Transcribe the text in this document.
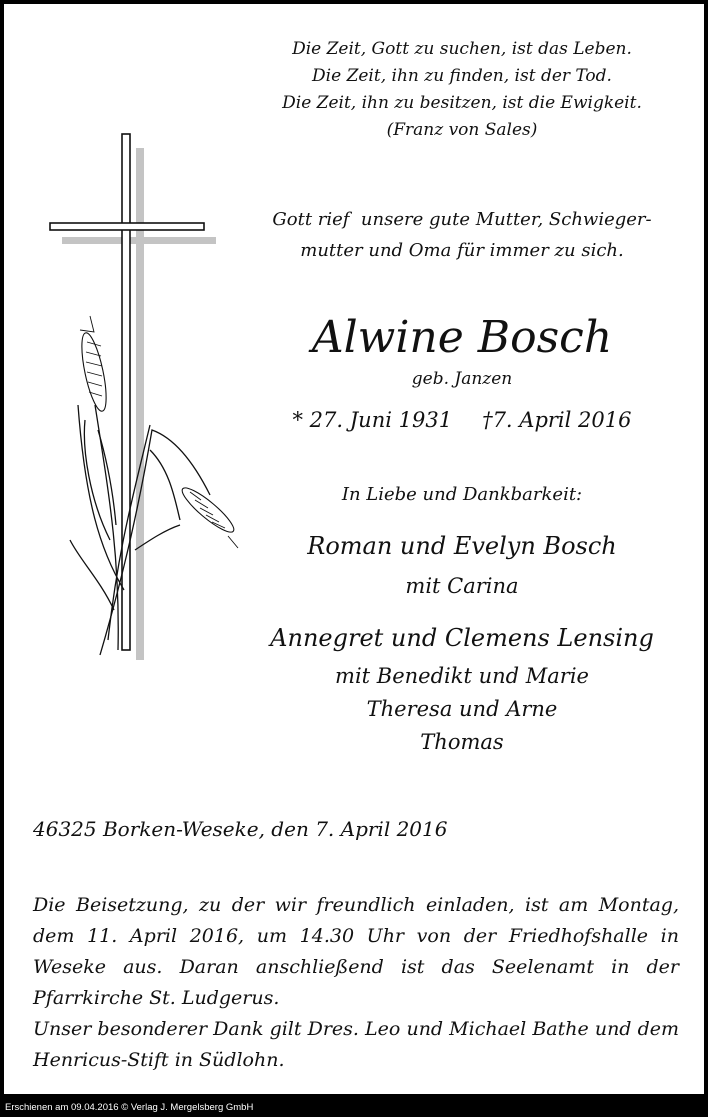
Die Zeit, Gott zu suchen, ist das Leben.
Die Zeit, ihn zu finden, ist der Tod.
Die Zeit, ihn zu besitzen, ist die Ewigkeit.
(Franz von Sales)
Gott rief  unsere gute Mutter, Schwieger-
mutter und Oma für immer zu sich.
Alwine Bosch
geb. Janzen
* 27. Juni 1931 †7. April 2016
In Liebe und Dankbarkeit:
Roman und Evelyn Bosch
mit Carina
Annegret und Clemens Lensing
mit Benedikt und Marie
Theresa und Arne
Thomas
46325 Borken-Weseke, den 7. April 2016

Die Beisetzung, zu der wir freundlich einladen, ist am Montag, dem 11. April 2016, um 14.30 Uhr von der Friedhofshalle in Weseke aus. Daran anschließend ist das Seelenamt in der Pfarrkirche St. Ludgerus.

Unser besonderer Dank gilt Dres. Leo und Michael Bathe und dem Henricus-Stift in Südlohn.

Erschienen am 09.04.2016 © Verlag J. Mergelsberg GmbH
